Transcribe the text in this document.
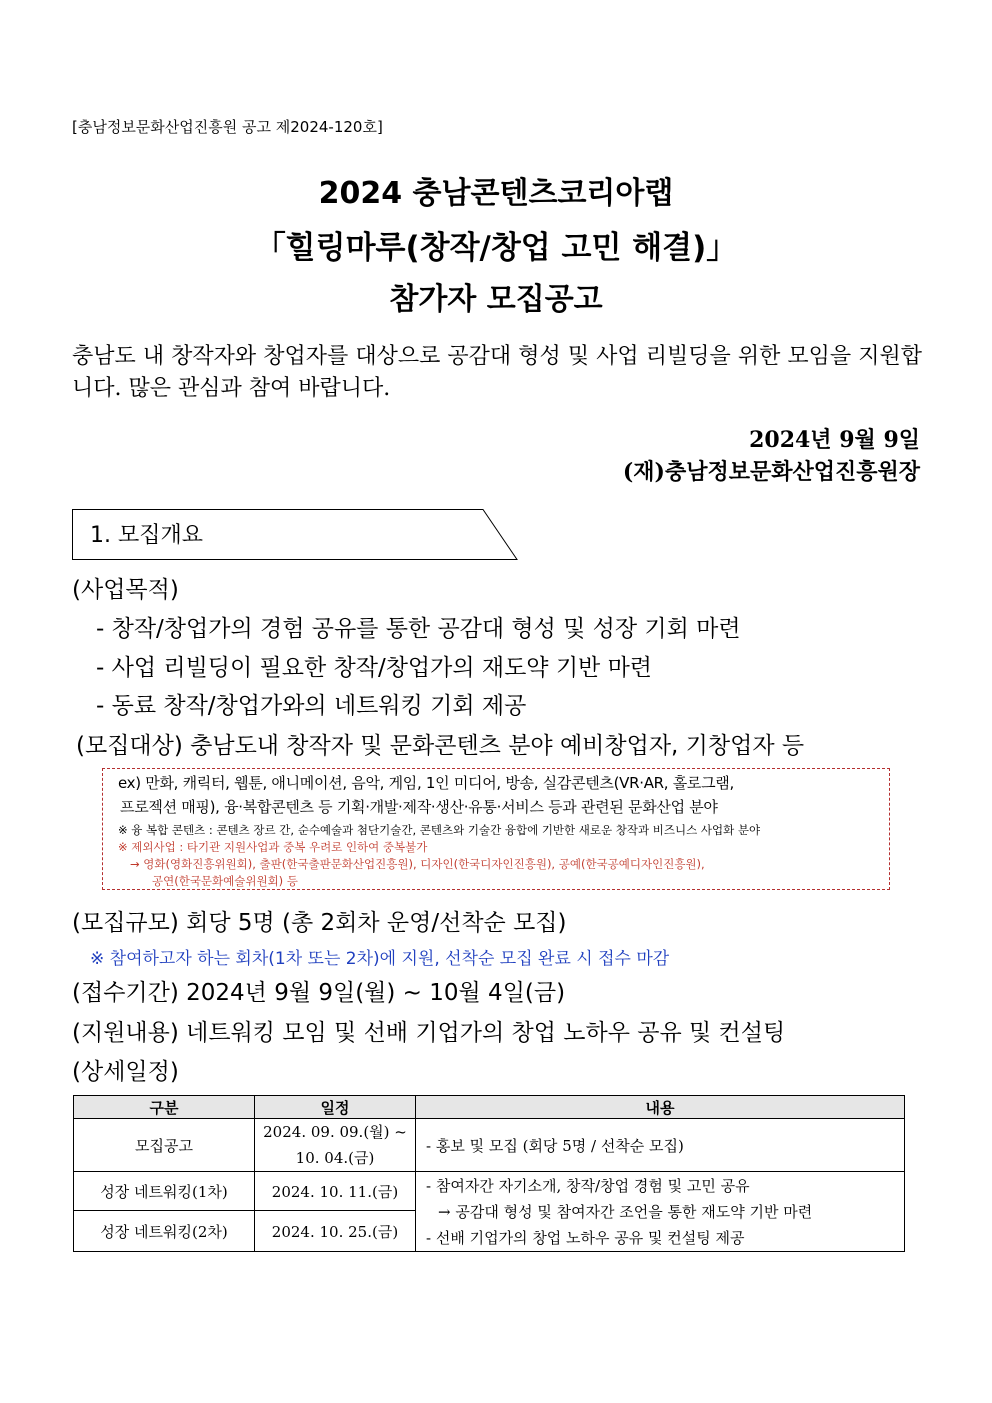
[충남정보문화산업진흥원 공고 제2024-120호]
2024 충남콘텐츠코리아랩
「힐링마루(창작/창업 고민 해결)」
참가자 모집공고
충남도 내 창작자와 창업자를 대상으로 공감대 형성 및 사업 리빌딩을 위한 모임을 지원합니다. 많은 관심과 참여 바랍니다.
2024년 9월 9일
(재)충남정보문화산업진흥원장
1. 모집개요
(사업목적)
- 창작/창업가의 경험 공유를 통한 공감대 형성 및 성장 기회 마련
- 사업 리빌딩이 필요한 창작/창업가의 재도약 기반 마련
- 동료 창작/창업가와의 네트워킹 기회 제공
(모집대상) 충남도내 창작자 및 문화콘텐츠 분야 예비창업자, 기창업자 등
ex) 만화, 캐릭터, 웹툰, 애니메이션, 음악, 게임, 1인 미디어, 방송, 실감콘텐츠(VR·AR, 홀로그램,
프로젝션 매핑), 융·복합콘텐츠 등 기획·개발·제작·생산·유통·서비스 등과 관련된 문화산업 분야
※ 융 복합 콘텐츠 : 콘텐츠 장르 간, 순수예술과 첨단기술간, 콘텐츠와 기술간 융합에 기반한 새로운 창작과 비즈니스 사업화 분야
※ 제외사업 : 타기관 지원사업과 중복 우려로 인하여 중복불가
→ 영화(영화진흥위원회), 출판(한국출판문화산업진흥원), 디자인(한국디자인진흥원), 공예(한국공예디자인진흥원),
공연(한국문화예술위원회) 등
(모집규모) 회당 5명 (총 2회차 운영/선착순 모집)
※ 참여하고자 하는 회차(1차 또는 2차)에 지원, 선착순 모집 완료 시 접수 마감
(접수기간) 2024년 9월 9일(월) ~ 10월 4일(금)
(지원내용) 네트워킹 모임 및 선배 기업가의 창업 노하우 공유 및 컨설팅
(상세일정)
구분	일정	내용
모집공고	2024. 09. 09.(월) ~
10. 04.(금)	- 홍보 및 모집 (회당 5명 / 선착순 모집)
성장 네트워킹(1차)	2024. 10. 11.(금)	- 참여자간 자기소개, 창작/창업 경험 및 고민 공유
→ 공감대 형성 및 참여자간 조언을 통한 재도약 기반 마련
- 선배 기업가의 창업 노하우 공유 및 컨설팅 제공

성장 네트워킹(2차)	2024. 10. 25.(금)	
